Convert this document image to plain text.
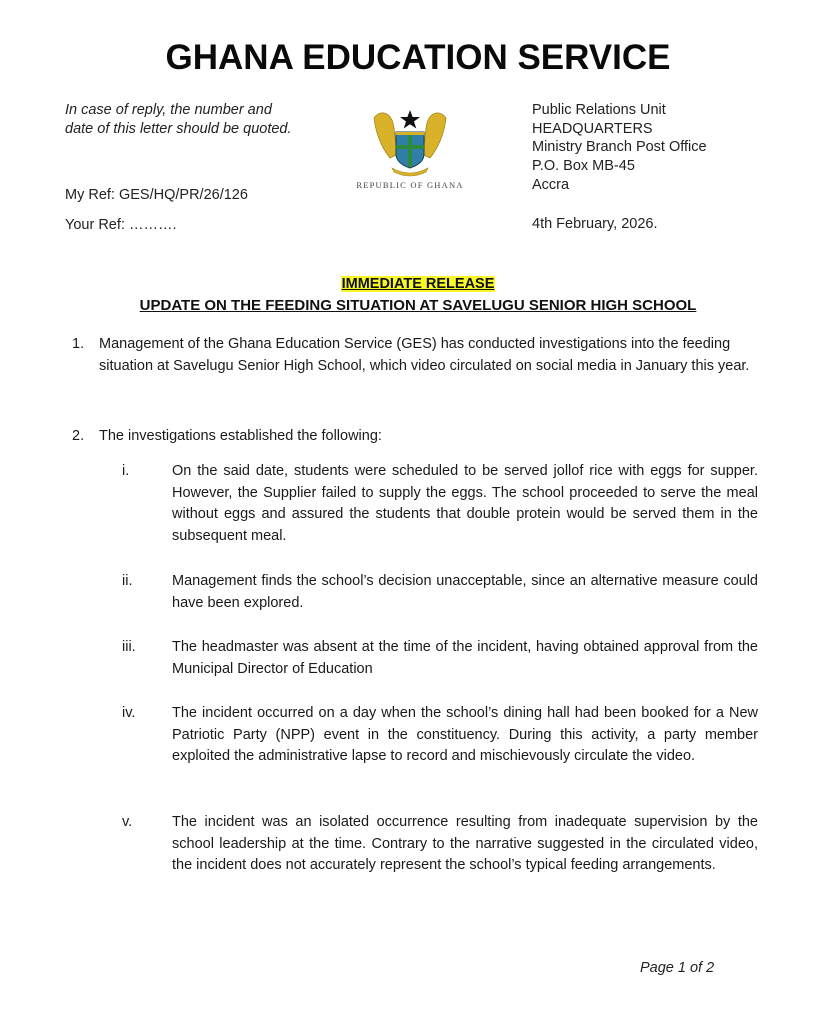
GHANA EDUCATION SERVICE
In case of reply, the number and
date of this letter should be quoted.
My Ref: GES/HQ/PR/26/126
Your Ref: ……….
REPUBLIC OF GHANA
Public Relations Unit
HEADQUARTERS
Ministry Branch Post Office
P.O. Box MB-45
Accra
4th February, 2026.
IMMEDIATE RELEASE
UPDATE ON THE FEEDING SITUATION AT SAVELUGU SENIOR HIGH SCHOOL
1. Management of the Ghana Education Service (GES) has conducted investigations into the feeding situation at Savelugu Senior High School, which video circulated on social media in January this year.
2. The investigations established the following:
i.	On the said date, students were scheduled to be served jollof rice with eggs for supper. However, the Supplier failed to supply the eggs. The school proceeded to serve the meal without eggs and assured the students that double protein would be served them in the subsequent meal.
ii.	Management finds the school’s decision unacceptable, since an alternative measure could have been explored.
iii.	The headmaster was absent at the time of the incident, having obtained approval from the Municipal Director of Education
iv.	The incident occurred on a day when the school’s dining hall had been booked for a New Patriotic Party (NPP) event in the constituency. During this activity, a party member exploited the administrative lapse to record and mischievously circulate the video.
v.	The incident was an isolated occurrence resulting from inadequate supervision by the school leadership at the time. Contrary to the narrative suggested in the circulated video, the incident does not accurately represent the school’s typical feeding arrangements.
Page 1 of 2
